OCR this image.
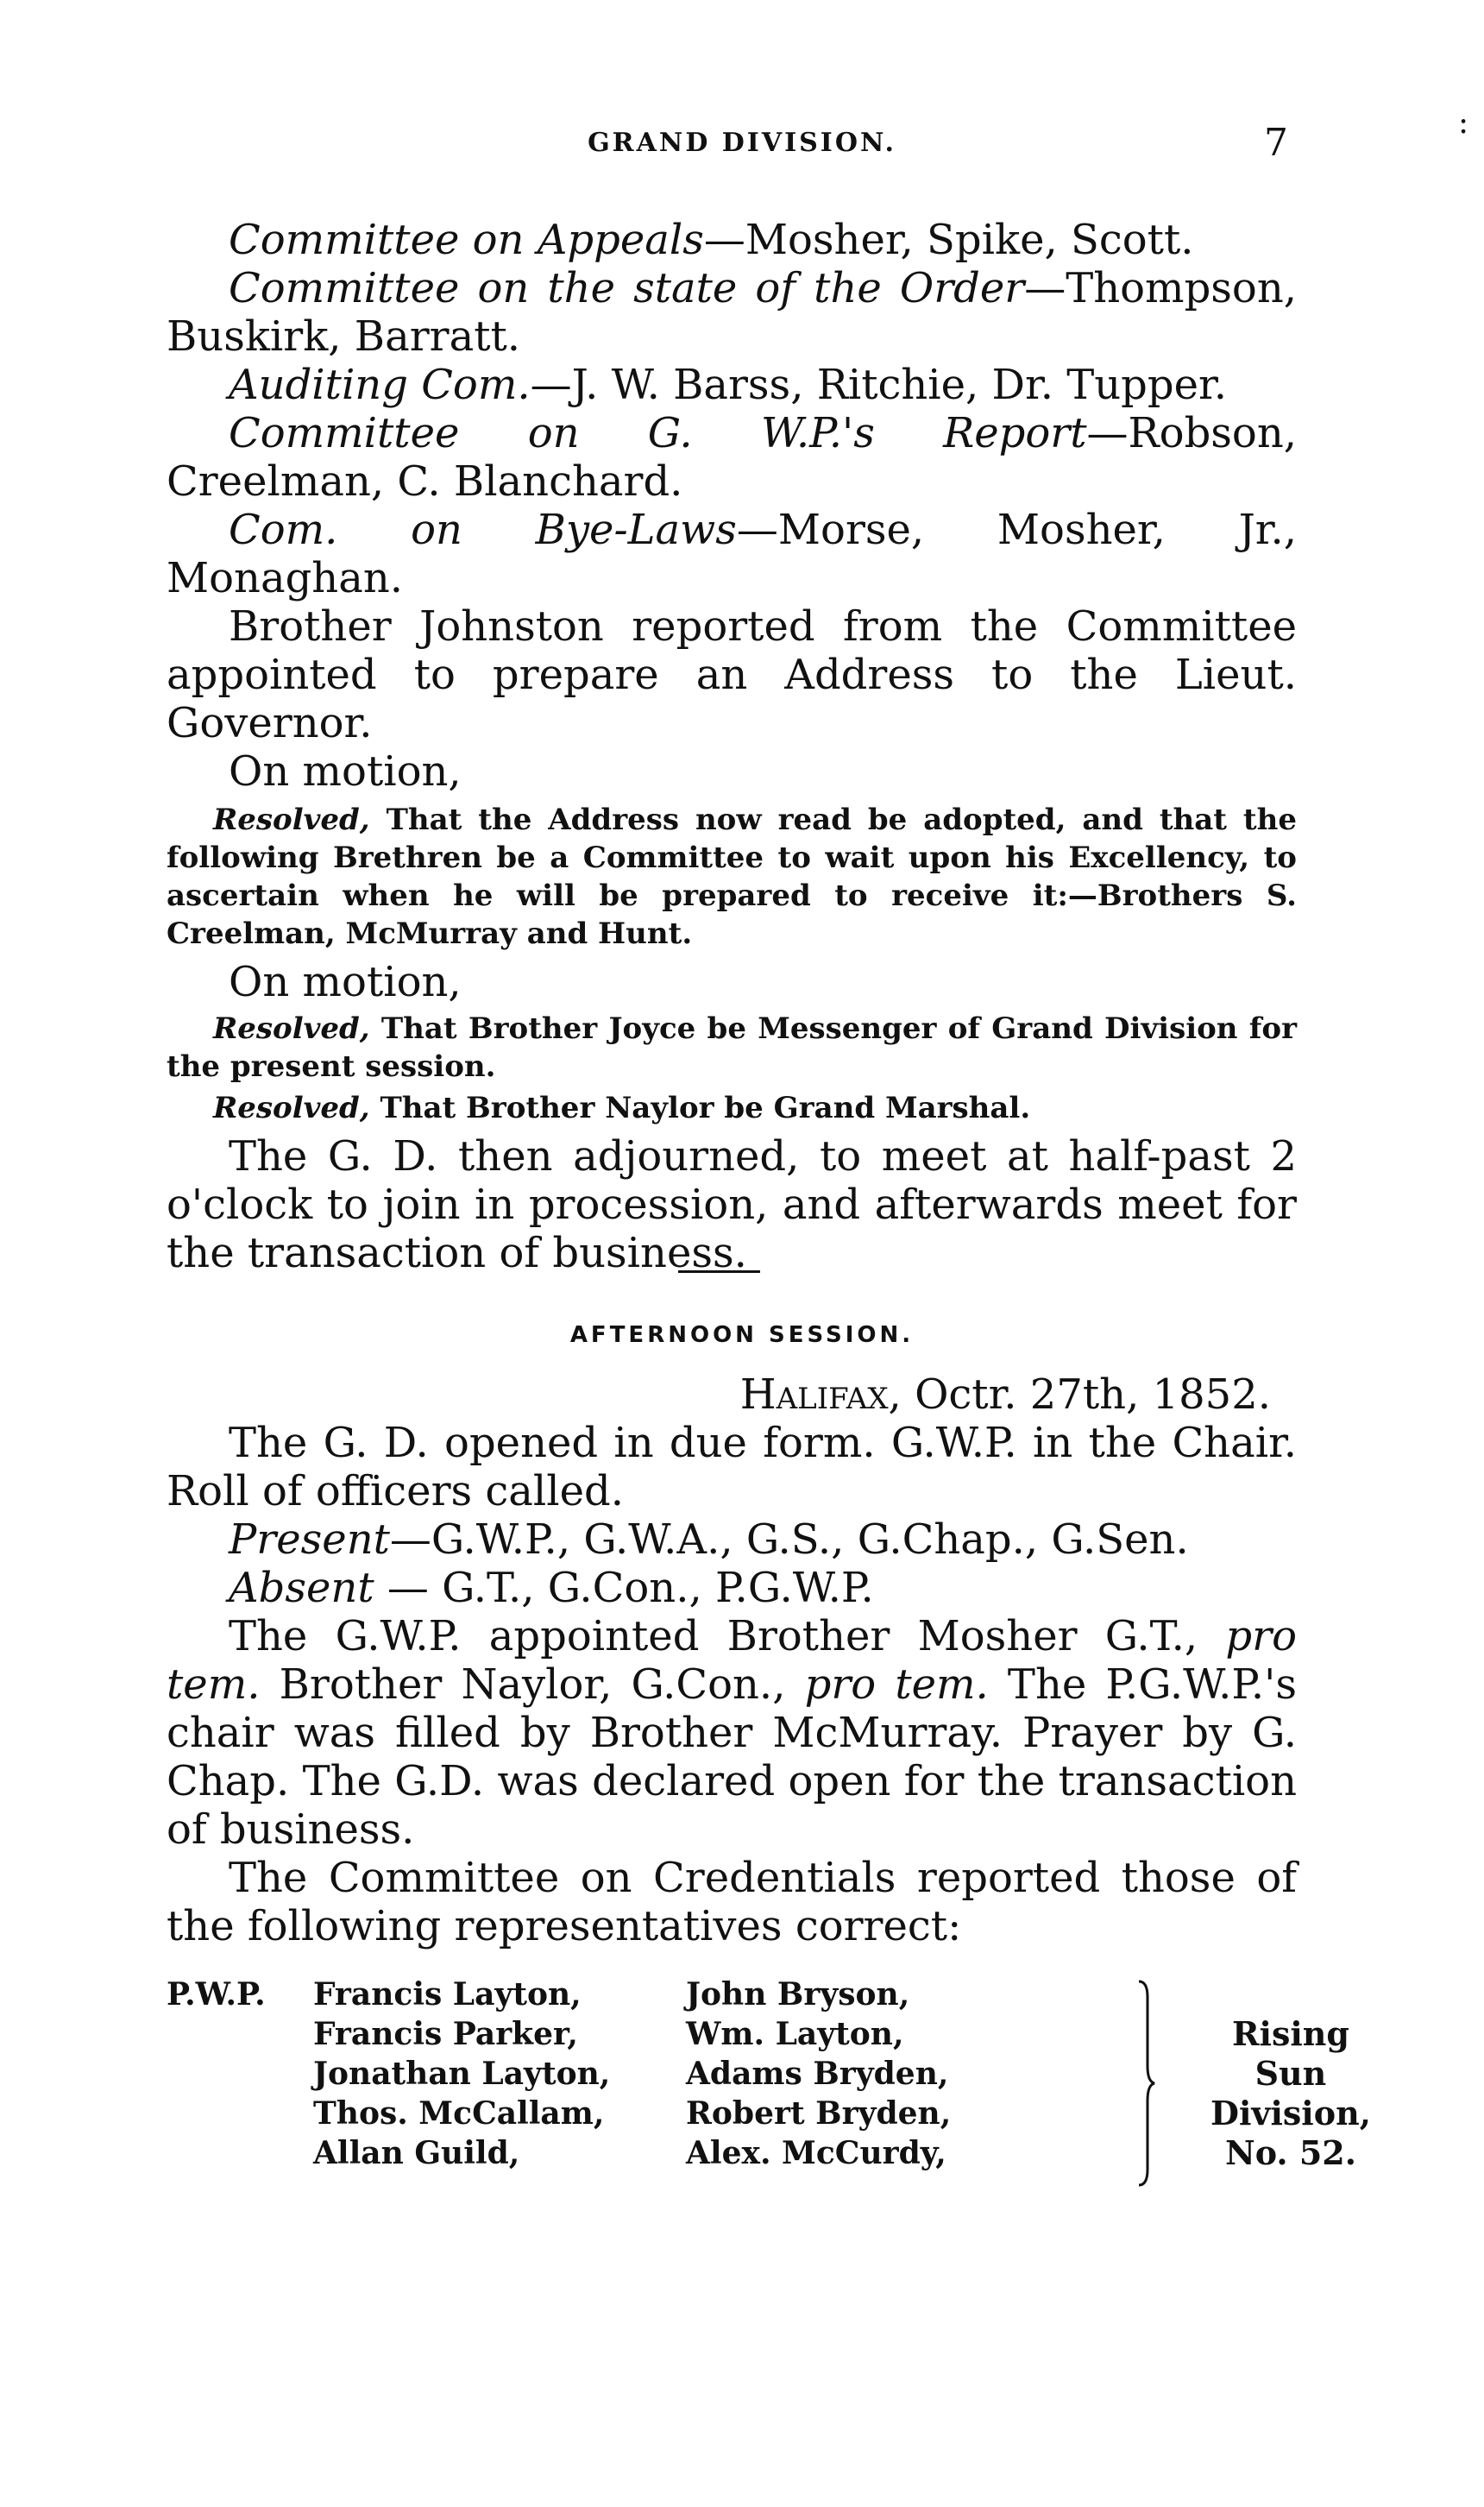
GRAND DIVISION.	7	:

Committee on Appeals—Mosher, Spike, Scott.

Committee on the state of the Order—Thompson, Buskirk, Barratt.

Auditing Com.—J. W. Barss, Ritchie, Dr. Tupper.

Committee on G. W.P.'s Report—Robson, Creelman, C. Blanchard.

Com. on Bye-Laws—Morse, Mosher, Jr., Monaghan.

Brother Johnston reported from the Committee appointed to prepare an Address to the Lieut. Governor.

On motion,

Resolved, That the Address now read be adopted, and that the following Brethren be a Committee to wait upon his Excellency, to ascertain when he will be prepared to receive it:—Brothers S. Creelman, McMurray and Hunt.

On motion,

Resolved, That Brother Joyce be Messenger of Grand Division for the present session.

Resolved, That Brother Naylor be Grand Marshal.

The G. D. then adjourned, to meet at half-past 2 o'clock to join in procession, and afterwards meet for the transaction of business.

AFTERNOON SESSION.

Halifax, Octr. 27th, 1852.

The G. D. opened in due form. G.W.P. in the Chair. Roll of officers called.

Present—G.W.P., G.W.A., G.S., G.Chap., G.Sen.

Absent — G.T., G.Con., P.G.W.P.

The G.W.P. appointed Brother Mosher G.T., pro tem. Brother Naylor, G.Con., pro tem. The P.G.W.P.'s chair was filled by Brother McMurray. Prayer by G. Chap. The G.D. was declared open for the transaction of business.

The Committee on Credentials reported those of the following representatives correct:

P.W.P. Francis Layton,
Francis Parker,
Jonathan Layton,
Thos. McCallam,
Allan Guild,
John Bryson,
Wm. Layton,
Adams Bryden,
Robert Bryden,
Alex. McCurdy,
Rising Sun
Division,
No. 52.
